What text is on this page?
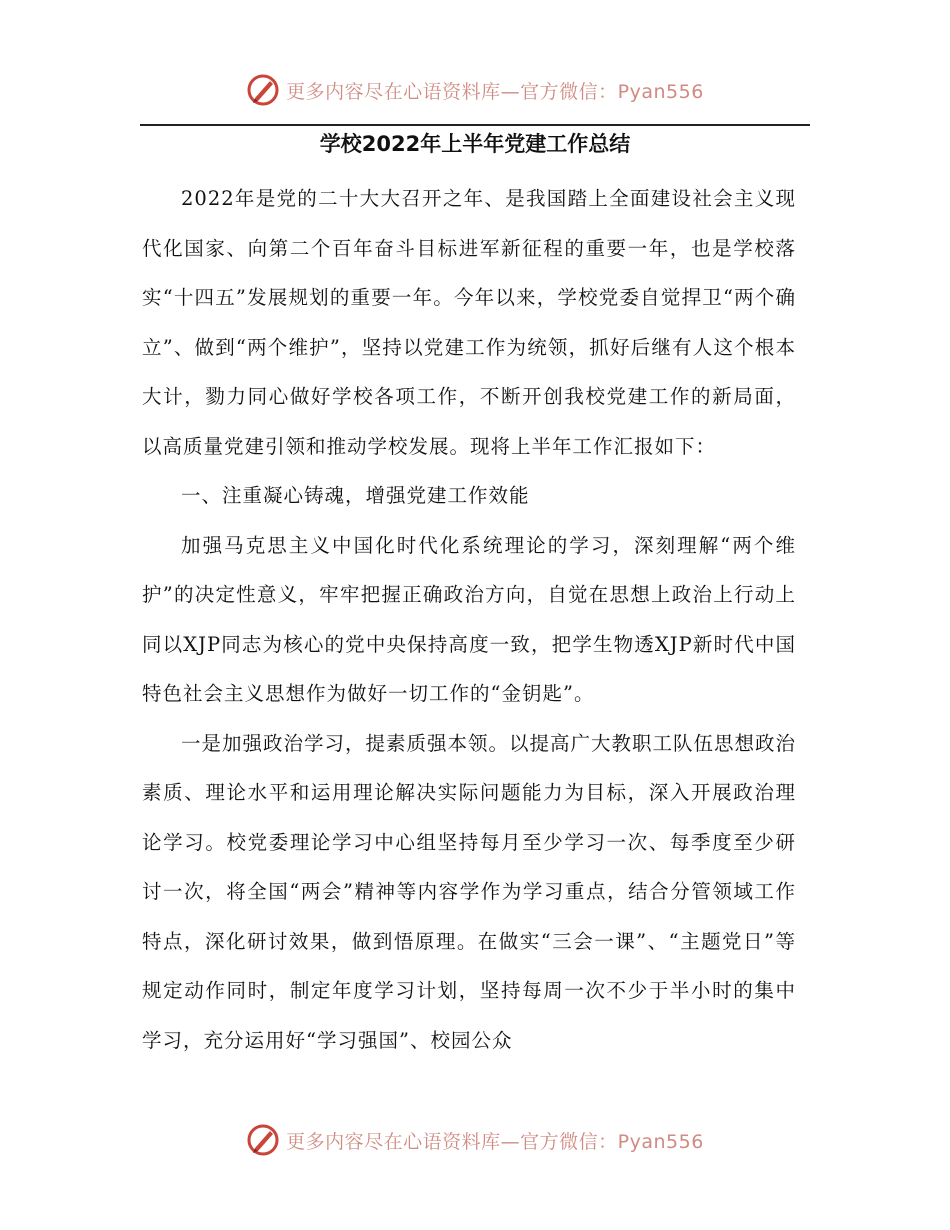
更多内容尽在心语资料库—官方微信：Pyan556
学校2022年上半年党建工作总结

2022年是党的二十大大召开之年、是我国踏上全面建设社会主义现代化国家、向第二个百年奋斗目标进军新征程的重要一年，也是学校落实“十四五”发展规划的重要一年。今年以来，学校党委自觉捍卫“两个确立”、做到“两个维护”，坚持以党建工作为统领，抓好后继有人这个根本大计，勠力同心做好学校各项工作，不断开创我校党建工作的新局面，以高质量党建引领和推动学校发展。现将上半年工作汇报如下：

一、注重凝心铸魂，增强党建工作效能

加强马克思主义中国化时代化系统理论的学习，深刻理解“两个维护”的决定性意义，牢牢把握正确政治方向，自觉在思想上政治上行动上同以XJP同志为核心的党中央保持高度一致，把学生物透XJP新时代中国特色社会主义思想作为做好一切工作的“金钥匙”。

一是加强政治学习，提素质强本领。以提高广大教职工队伍思想政治素质、理论水平和运用理论解决实际问题能力为目标，深入开展政治理论学习。校党委理论学习中心组坚持每月至少学习一次、每季度至少研讨一次，将全国“两会”精神等内容学作为学习重点，结合分管领域工作特点，深化研讨效果，做到悟原理。在做实“三会一课”、“主题党日”等规定动作同时，制定年度学习计划，坚持每周一次不少于半小时的集中学习，充分运用好“学习强国”、校园公众

更多内容尽在心语资料库—官方微信：Pyan556
